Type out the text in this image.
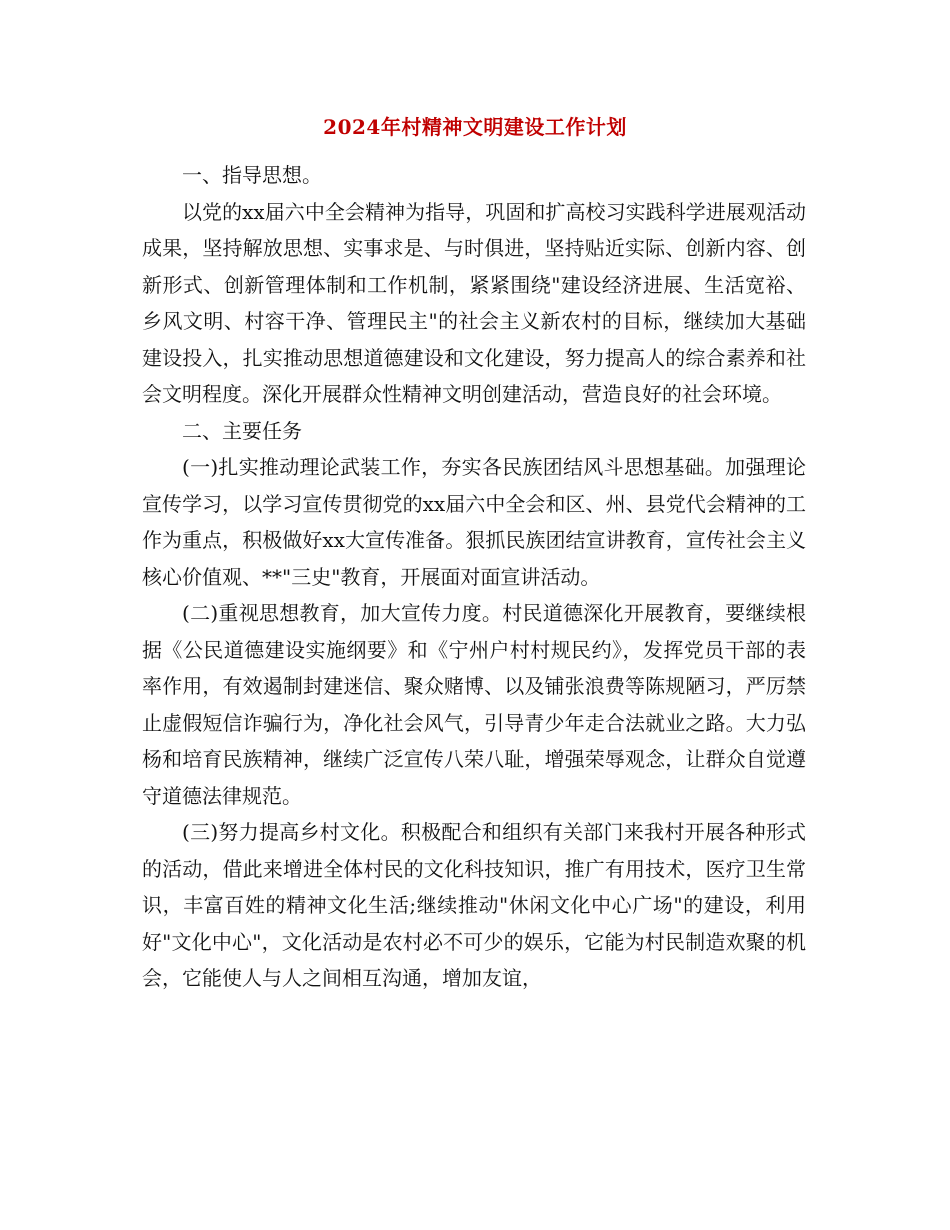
2024年村精神文明建设工作计划

一、指导思想。

以党的xx届六中全会精神为指导，巩固和扩高校习实践科学进展观活动成果，坚持解放思想、实事求是、与时俱进，坚持贴近实际、创新内容、创新形式、创新管理体制和工作机制，紧紧围绕"建设经济进展、生活宽裕、乡风文明、村容干净、管理民主"的社会主义新农村的目标，继续加大基础建设投入，扎实推动思想道德建设和文化建设，努力提高人的综合素养和社会文明程度。深化开展群众性精神文明创建活动，营造良好的社会环境。

二、主要任务

(一)扎实推动理论武装工作，夯实各民族团结风斗思想基础。加强理论宣传学习，以学习宣传贯彻党的xx届六中全会和区、州、县党代会精神的工作为重点，积极做好xx大宣传准备。狠抓民族团结宣讲教育，宣传社会主义核心价值观、**"三史"教育，开展面对面宣讲活动。

(二)重视思想教育，加大宣传力度。村民道德深化开展教育，要继续根据《公民道德建设实施纲要》和《宁州户村村规民约》，发挥党员干部的表率作用，有效遏制封建迷信、聚众赌博、以及铺张浪费等陈规陋习，严厉禁止虚假短信诈骗行为，净化社会风气，引导青少年走合法就业之路。大力弘杨和培育民族精神，继续广泛宣传八荣八耻，增强荣辱观念，让群众自觉遵守道德法律规范。

(三)努力提高乡村文化。积极配合和组织有关部门来我村开展各种形式的活动，借此来增进全体村民的文化科技知识，推广有用技术，医疗卫生常识，丰富百姓的精神文化生活;继续推动"休闲文化中心广场"的建设，利用好"文化中心"，文化活动是农村必不可少的娱乐，它能为村民制造欢聚的机会，它能使人与人之间相互沟通，增加友谊，
